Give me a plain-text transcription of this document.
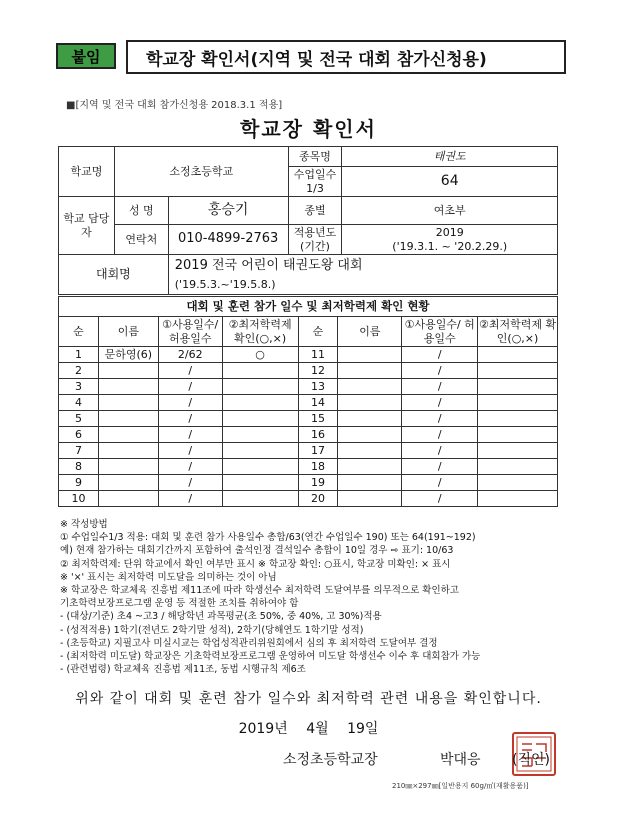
붙임	학교장 확인서(지역 및 전국 대회 참가신청용)
■[지역 및 전국 대회 참가신청용 2018.3.1 적용]
학교장 확인서
학교명	소정초등학교		종목명	태권도
			수업일수 1/3	64
학교 담당자	성 명	홍승기	종별	여초부
	연락처	010-4899-2763	적용년도 (기간)	2019
('19.3.1. ~ '20.2.29.)

대회명		2019 전국 어린이 태권도왕 대회
('19.5.3.~'19.5.8.)		
대회 및 훈련 참가 일수 및 최저학력제 확인 현황							
순	이름	①사용일수/ 허용일수	②최저학력제 확인(○,×)	순	이름	①사용일수/ 허용일수	②최저학력제 확인(○,×)
1	문하영(6)	2/62	○	11		/	
2		/		12		/	
3		/		13		/	
4		/		14		/	
5		/		15		/	
6		/		16		/	
7		/		17		/	
8		/		18		/	
9		/		19		/	
10		/		20		/	
※ 작성방법
① 수업일수1/3 적용: 대회 및 훈련 참가 사용일수 총합/63(연간 수업일수 190) 또는 64(191~192)
예) 현재 참가하는 대회기간까지 포함하여 출석인정 결석일수 총합이 10일 경우 ⇨ 표기: 10/63
② 최저학력제: 단위 학교에서 확인 여부만 표시 ※ 학교장 확인: ○표시, 학교장 미확인: × 표시
※ '×' 표시는 최저학력 미도달을 의미하는 것이 아님
※ 학교장은 학교체육 진흥법 제11조에 따라 학생선수 최저학력 도달여부를 의무적으로 확인하고
기초학력보장프로그램 운영 등 적절한 조치를 취하여야 함
- (대상/기준) 초4 ~고3 / 해당학년 과목평균(초 50%, 중 40%, 고 30%)적용
- (성적적용) 1학기(전년도 2학기말 성적), 2학기(당해연도 1학기말 성적)
- (초등학교) 지필고사 미실시교는 학업성적관리위원회에서 심의 후 최저학력 도달여부 결정
- (최저학력 미도달) 학교장은 기초학력보장프로그램 운영하여 미도달 학생선수 이수 후 대회참가 가능
- (관련법령) 학교체육 진흥법 제11조, 동법 시행규칙 제6조
위와 같이 대회 및 훈련 참가 일수와 최저학력 관련 내용을 확인합니다.
2019년 4월 19일
소정초등학교장	박대응 (직인)
210㎜×297㎜[일반용지 60g/㎡(재활용품)]
